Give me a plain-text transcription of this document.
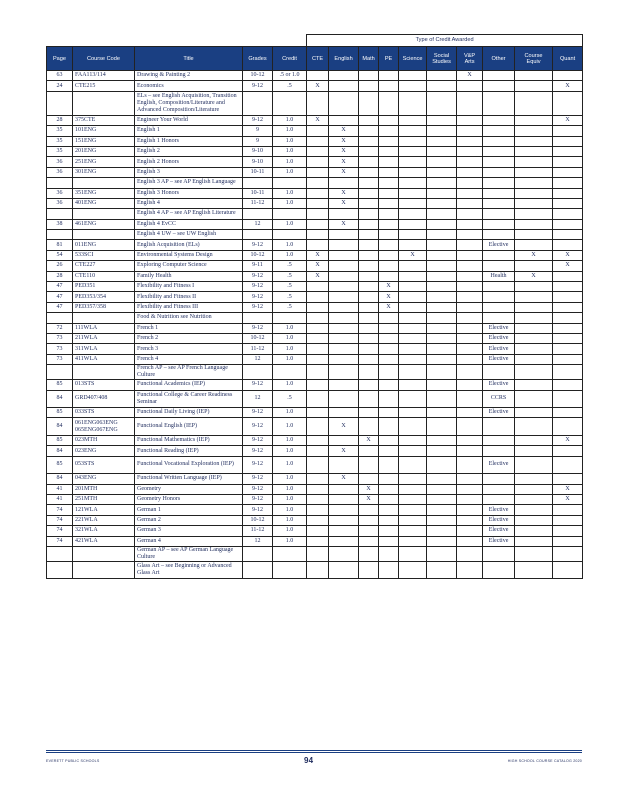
					Type of Credit Awarded									
Page	Course Code	Title	Grades	Credit	CTE	English	Math	PE	Science	Social Studies	V&P Arts	Other	Course Equiv	Quant
63	FAA113/114	Drawing & Painting 2	10-12	.5 or 1.0							X			
24	CTE215	Economics	9-12	.5	X									X
		ELs – see English Acquisition, Transition English, Composition/Literature and Advanced Composition/Literature												
28	375CTE	Engineer Your World	9-12	1.0	X									X
35	101ENG	English 1	9	1.0		X								
35	151ENG	English 1 Honors	9	1.0		X								
35	201ENG	English 2	9-10	1.0		X								
36	251ENG	English 2 Honors	9-10	1.0		X								
36	301ENG	English 3	10-11	1.0		X								
		English 3 AP – see AP English Language												
36	351ENG	English 3 Honors	10-11	1.0		X								
36	401ENG	English 4	11-12	1.0		X								
		English 4 AP – see AP English Literature												
38	461ENG	English 4 EvCC	12	1.0		X								
		English 4 UW – see UW English												
81	011ENG	English Acquisition (ELs)	9-12	1.0								Elective		
54	533SCI	Environmental Systems Design	10-12	1.0	X				X				X	X
26	CTE227	Exploring Computer Science	9-11	.5	X									X
28	CTE110	Family Health	9-12	.5	X							Health	X	
47	PED351	Flexibility and Fitness I	9-12	.5				X						
47	PED353/354	Flexibility and Fitness II	9-12	.5				X						
47	PED357/358	Flexibility and Fitness III	9-12	.5				X						
		Food & Nutrition see Nutrition												
72	111WLA	French 1	9-12	1.0								Elective		
73	211WLA	French 2	10-12	1.0								Elective		
73	311WLA	French 3	11-12	1.0								Elective		
73	411WLA	French 4	12	1.0								Elective		
		French AP – see AP French Language Culture												
85	013STS	Functional Academics (IEP)	9-12	1.0								Elective		
84	GRD407/408	Functional College & Career Readiness Seminar	12	.5								CCRS		
85	033STS	Functional Daily Living (IEP)	9-12	1.0								Elective		
84	061ENG063ENG 065ENG067ENG	Functional English (IEP)	9-12	1.0		X								
85	023MTH	Functional Mathematics (IEP)	9-12	1.0			X							X
84	023ENG	Functional Reading (IEP)	9-12	1.0		X								
85	053STS	Functional Vocational Exploration (IEP)	9-12	1.0								Elective		
84	043ENG	Functional Written Language (IEP)	9-12	1.0		X								
41	201MTH	Geometry	9-12	1.0			X							X
41	251MTH	Geometry Honors	9-12	1.0			X							X
74	121WLA	German 1	9-12	1.0								Elective		
74	221WLA	German 2	10-12	1.0								Elective		
74	321WLA	German 3	11-12	1.0								Elective		
74	421WLA	German 4	12	1.0								Elective		
		German AP – see AP German Language Culture												
		Glass Art – see Beginning or Advanced Glass Art												
EVERETT PUBLIC SCHOOLS	94	HIGH SCHOOL COURSE CATALOG 2020
